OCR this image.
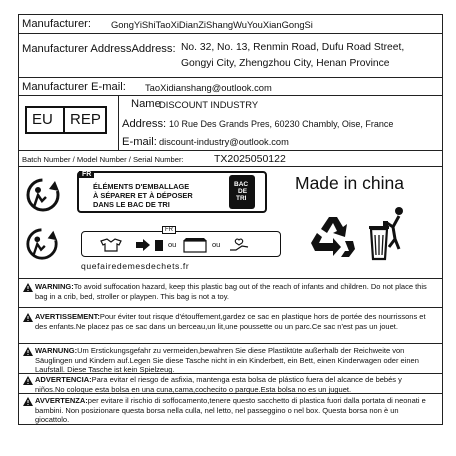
Manufacturer: GongYiShiTaoXiDianZiShangWuYouXianGongSi
Manufacturer AddressAddress: No. 32, No. 13, Renmin Road, Dufu Road Street,
Gongyi City, Zhengzhou City, Henan Province
Manufacturer E-mail: TaoXidianshang@outlook.com
EU REP
Name
DISCOUNT INDUSTRY
Address: 10 Rue Des Grands Pres, 60230 Chambly, Oise, France
E-mail: discount-industry@outlook.com
Batch Number / Model Number / Serial Number:	TX2025050122
FR
ÉLÉMENTS D'EMBALLAGE
À SÉPARER ET À DÉPOSER
DANS LE BAC DE TRI
BAC
DE
TRI
FR
ou	ou
quefairedemesdechets.fr
Made in china
WARNING:To avoid suffocation hazard, keep this plastic bag out of the reach of infants and children. Do not place this bag in a crib, bed, stroller or playpen. This bag is not a toy.
AVERTISSEMENT:Pour éviter tout risque d'étouffement,gardez ce sac en plastique hors de portée des nourrissons et des enfants.Ne placez pas ce sac dans un berceau,un lit,une poussette ou un parc.Ce sac n'est pas un jouet.
WARNUNG:Um Erstickungsgefahr zu vermeiden,bewahren Sie diese Plastiktüte außerhalb der Reichweite von Säuglingen und Kindern auf.Legen Sie diese Tasche nicht in ein Kinderbett, ein Bett, einen Kinderwagen oder einen Laufstall. Diese Tasche ist kein Spielzeug.
ADVERTENCIA:Para evitar el riesgo de asfixia, mantenga esta bolsa de plástico fuera del alcance de bebés y niños.No coloque esta bolsa en una cuna,cama,cochecito o parque.Esta bolsa no es un juguet.
AVVERTENZA:per evitare il rischio di soffocamento,tenere questo sacchetto di plastica fuori dalla portata di neonati e bambini. Non posizionare questa borsa nella culla, nel letto, nel passeggino o nel box. Questa borsa non è un giocattolo.
